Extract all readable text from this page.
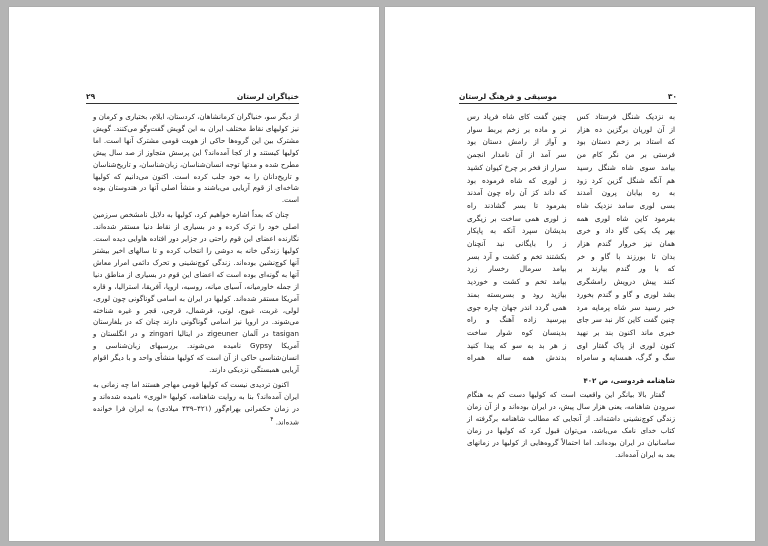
۲۹	خنیاگران لرستان

از دیگر سو، خنیاگران کرمانشاهان، کردستان، ایلام، بختیاری و کرمان و نیز کولیهای نقاط مختلف ایران به این گویش گفت‌وگو می‌کنند. گویش مشترک بین این گروه‌ها حاکی از هویت قومی مشترک آنها است. اما کولیها کیستند و از کجا آمده‌اند؟ این پرسش متجاوز از صد سال پیش مطرح شده و مدتها توجه انسان‌شناسان، زبان‌شناسان، و تاریخ‌شناسان و تاریخ‌دانان را به خود جلب کرده است. اکنون می‌دانیم که کولیها شاخه‌ای از قوم آریایی می‌باشند و منشأ اصلی آنها در هندوستان بوده است.

چنان که بعداً اشاره خواهیم کرد، کولیها به دلایل نامشخص سرزمین اصلی خود را ترک کرده و در بسیاری از نقاط دنیا مستقر شده‌اند. نگارنده اعضای این قوم راحتی در جزایر دور افتاده هاوایی دیده است. کولیها زندگی خانه به دوشی را انتخاب کرده و تا سالهای اخیر بیشتر آنها کوچ‌نشین بوده‌اند. زندگی کوچ‌نشینی و تحرک دائمی امرار معاش آنها به گونه‌ای بوده است که اعضای این قوم در بسیاری از مناطق دنیا از جمله خاورمیانه، آسیای میانه، روسیه، اروپا، آفریقا، استرالیا، و قاره آمریکا مستقر شده‌اند. کولیها در ایران به اسامی گوناگونی چون لوری، لولی، غربت، غیوج، لوتی، قرشمال، قرجی، قجر و غیره شناخته می‌شوند. در اروپا نیز اسامی گوناگونی دارند چنان که در بلغارستان tasigan در آلمان zigeuner در ایتالیا zingari و در انگلستان و آمریکا Gypsy نامیده می‌شوند. بررسیهای زبان‌شناسی و انسان‌شناسی حاکی از آن است که کولیها منشأی واحد و با دیگر اقوام آریایی همبستگی نزدیکی دارند.

اکنون تردیدی نیست که کولیها قومی مهاجر هستند اما چه زمانی به ایران آمده‌اند؟ بنا به روایت شاهنامه، کولیها «لوری» نامیده شده‌اند و در زمان حکمرانی بهرام‌گور (۴۲۱–۴۳۹ میلادی) به ایران فرا خوانده شده‌اند. $^۴$

موسیقی و فرهنگ لرستان	۳۰
به نزدیک شنگل فرستاد کس
از آن لوریان برگزین ده هزار
که استاد بر زخم دستان بود
فرستی بر من نگر کام من
بیامد سوی شاه شنگل رسید
هم آنگه شنگل گزین کرد زود
به ره بیابان پرون آمدند
بسی لوری سامد نزدیک شاه
بفرمود کاین شاه لوری همه
بهر یک یکی گاو داد و خری
همان نیز خروار گندم هزار
بدان تا بورزند با گاو و خر
که با ور گندم بیارند بر
کنند پیش درویش رامشگری
بشد لوری و گاو و گندم بخورد
خبر رسید سر شاه پرمایه مرد
چنین گفت کاین کار نبد سر جای
خبری ماند اکنون بند بر نهید
کنون لوری از پاک گفتار اوی
سگ و گرگ، همسایه و سامراه
چنین گفت کای شاه فریاد رس
نر و ماده بر زخم بربط سوار
و آواز از رامش دستان بود
سر آمد از آن نامدار انجمن
سرار از فخر بر چرخ کیوان کشید
ز لوری که شاه فرموده بود
که داند کز آن راه چون آمدند
بفرمود تا بسر گشادند راه
ز لوری همی ساخت بر زیگری
بدیشان سپرد آنکه به پایکار
ز را بایگانی نبد آنچنان
بکشتند تخم و کشت و آرد بسر
بیامد سرمال رخسار زرد
بیامد تخم و کشت و خوردید
بیازید رود و بسربسته بمند
همی گردد اندر جهان چاره جوی
بپرسید زاده آهنگ و راه
بدینسان کوه شوار ساخت
ز هر بد به سو که پیدا کنید
بدندش همه ساله همراه
شاهنامه فردوسی، ص ۴۰۲

گفتار بالا بیانگر این واقعیت است که کولیها دست کم به هنگام سرودن شاهنامه، یعنی هزار سال پیش، در ایران بوده‌اند و از آن زمان زندگی کوچ‌نشینی داشته‌اند. از آنجایی که مطالب شاهنامه برگرفته از کتاب خدای نامک می‌باشد، می‌توان قبول کرد که کولیها در زمان ساسانیان در ایران بوده‌اند. اما احتمالاً گروه‌هایی از کولیها در زمانهای بعد به ایران آمده‌اند.
